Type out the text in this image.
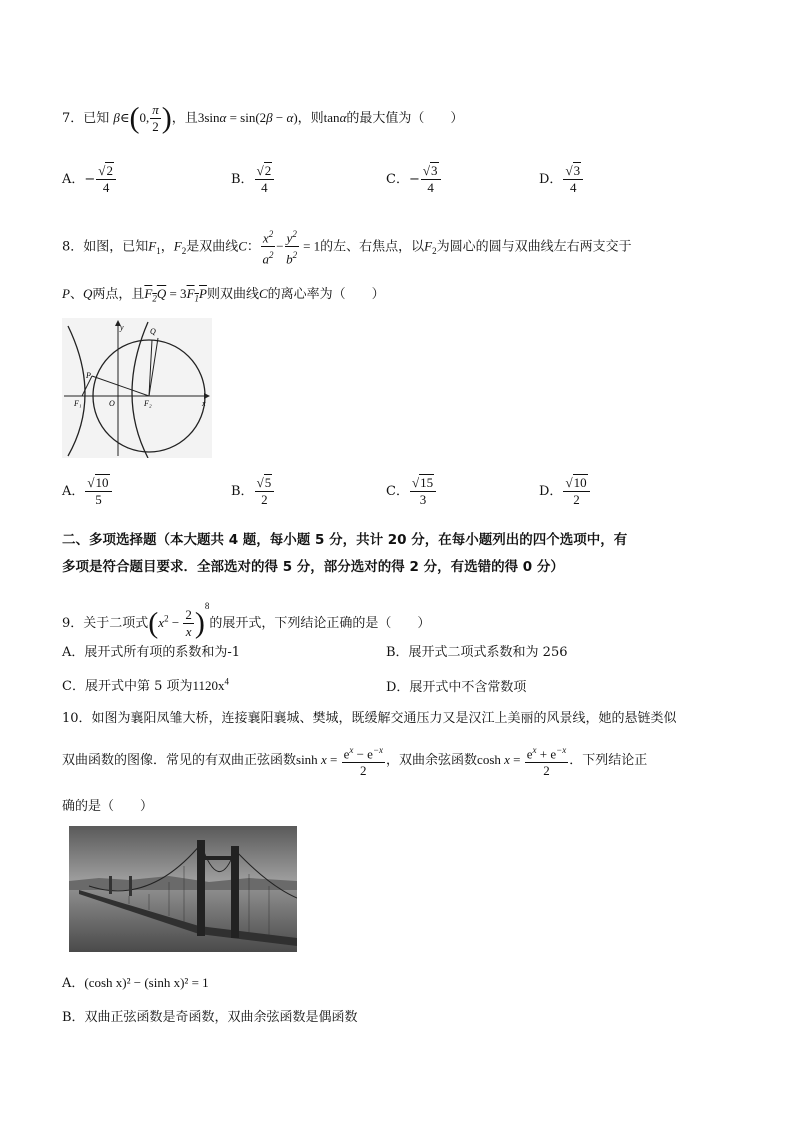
7．已知 β∈(0, $\frac{\pi}{2}$ )，且3sinα = sin(2β − α)，则tanα的最大值为（　　）
A．− $\frac{√2}{4}$	B． $\frac{√2}{4}$	C．− $\frac{√3}{4}$	D． $\frac{√3}{4}$
8．如图，已知$F_1$，$F_2$是双曲线C： $\frac{x^2}{a^2} - \frac{y^2}{b^2} = 1$的左、右焦点，以$F_2$为圆心的圆与双曲线左右两支交于
P、Q两点，且$F_2Q = 3F_1P$则双曲线C的离心率为（　　）
y	Q
P
F₁	O	F₂	x
A． $\frac{√10}{5}$	B． $\frac{√5}{2}$	C． $\frac{√15}{3}$	D． $\frac{√10}{2}$
二、多项选择题（本大题共 4 题，每小题 5 分，共计 20 分，在每小题列出的四个选项中，有
多项是符合题目要求．全部选对的得 5 分，部分选对的得 2 分，有选错的得 0 分）
9．关于二项式$(x^2 - \frac{2}{x} )^8$的展开式，下列结论正确的是（　　）
A．展开式所有项的系数和为-1	B．展开式二项式系数和为 256
C．展开式中第 5 项为$1120x^4$	D．展开式中不含常数项
10．如图为襄阳凤雏大桥，连接襄阳襄城、樊城，既缓解交通压力又是汉江上美丽的风景线，她的悬链类似
双曲函数的图像．常见的有双曲正弦函数$\sinh x = \frac{e^x - e^{-x}}{2}$ ，双曲余弦函数$\cosh x = \frac{e^x + e^{-x}}{2}$ ．下列结论正
确的是（　　）
A．(cosh x)² − (sinh x)² = 1
B．双曲正弦函数是奇函数，双曲余弦函数是偶函数
